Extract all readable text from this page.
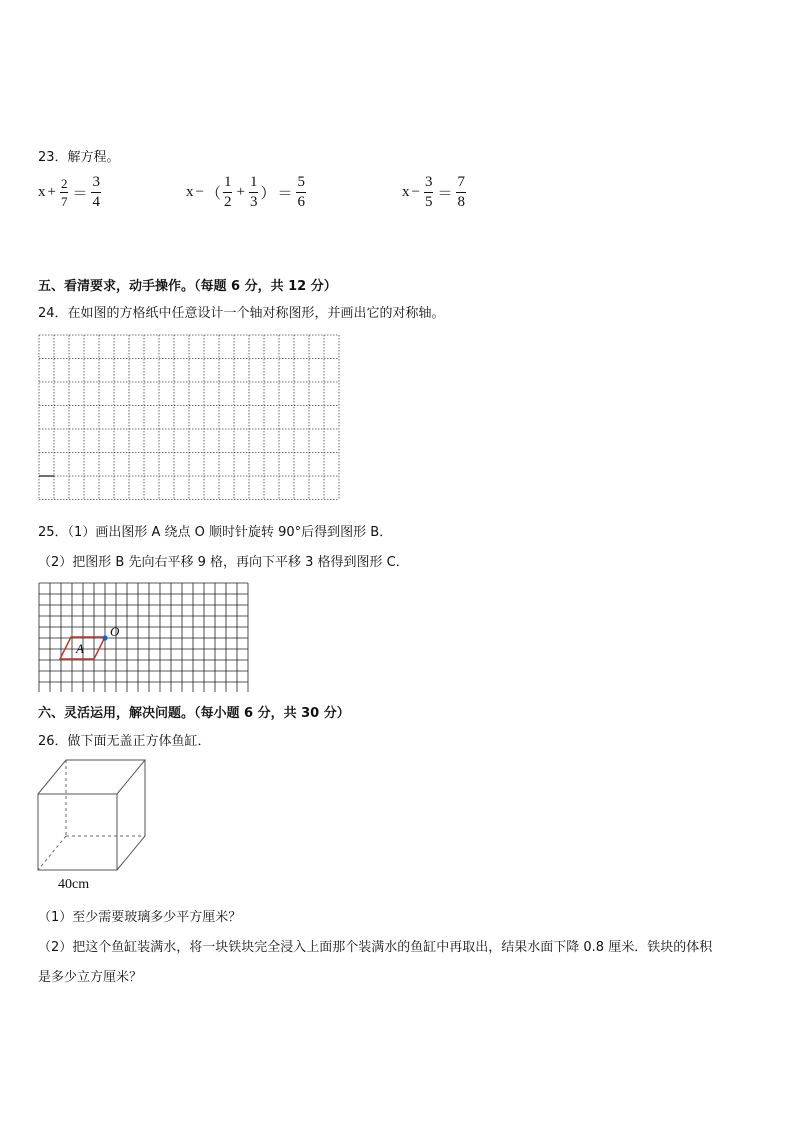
23．解方程。
$x + \frac{2}{7} = \frac{3}{4}$	x − （ $\frac{1}{2} + \frac{1}{3}$ ） ＝ $\frac{5}{6}$	$x - \frac{3}{5} = \frac{7}{8}$
五、看清要求，动手操作。（每题 6 分，共 12 分）
24．在如图的方格纸中任意设计一个轴对称图形，并画出它的对称轴。
25．（1）画出图形 A 绕点 O 顺时针旋转 90°后得到图形 B．
（2）把图形 B 先向右平移 9 格，再向下平移 3 格得到图形 C．
A
O
六、灵活运用，解决问题。（每小题 6 分，共 30 分）
26．做下面无盖正方体鱼缸．
40cm
（1）至少需要玻璃多少平方厘米？
（2）把这个鱼缸装满水，将一块铁块完全浸入上面那个装满水的鱼缸中再取出，结果水面下降 0.8 厘米．铁块的体积
是多少立方厘米？
